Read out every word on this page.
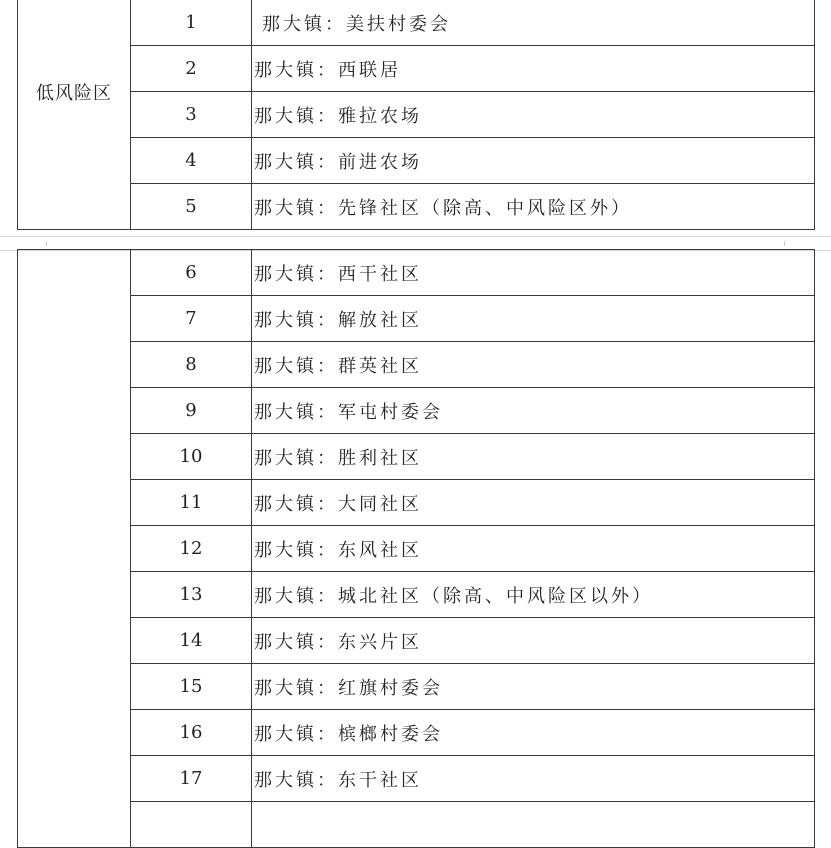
低风险区		
	1	那大镇：美扶村委会
	2	那大镇：西联居
	3	那大镇：雅拉农场
	4	那大镇：前进农场
	5	那大镇：先锋社区（除高、中风险区外）
	6	那大镇：西干社区
	7	那大镇：解放社区
	8	那大镇：群英社区
	9	那大镇：军屯村委会
	10	那大镇：胜利社区
	11	那大镇：大同社区
	12	那大镇：东风社区
	13	那大镇：城北社区（除高、中风险区以外）
	14	那大镇：东兴片区
	15	那大镇：红旗村委会
	16	那大镇：槟榔村委会
	17	那大镇：东干社区
